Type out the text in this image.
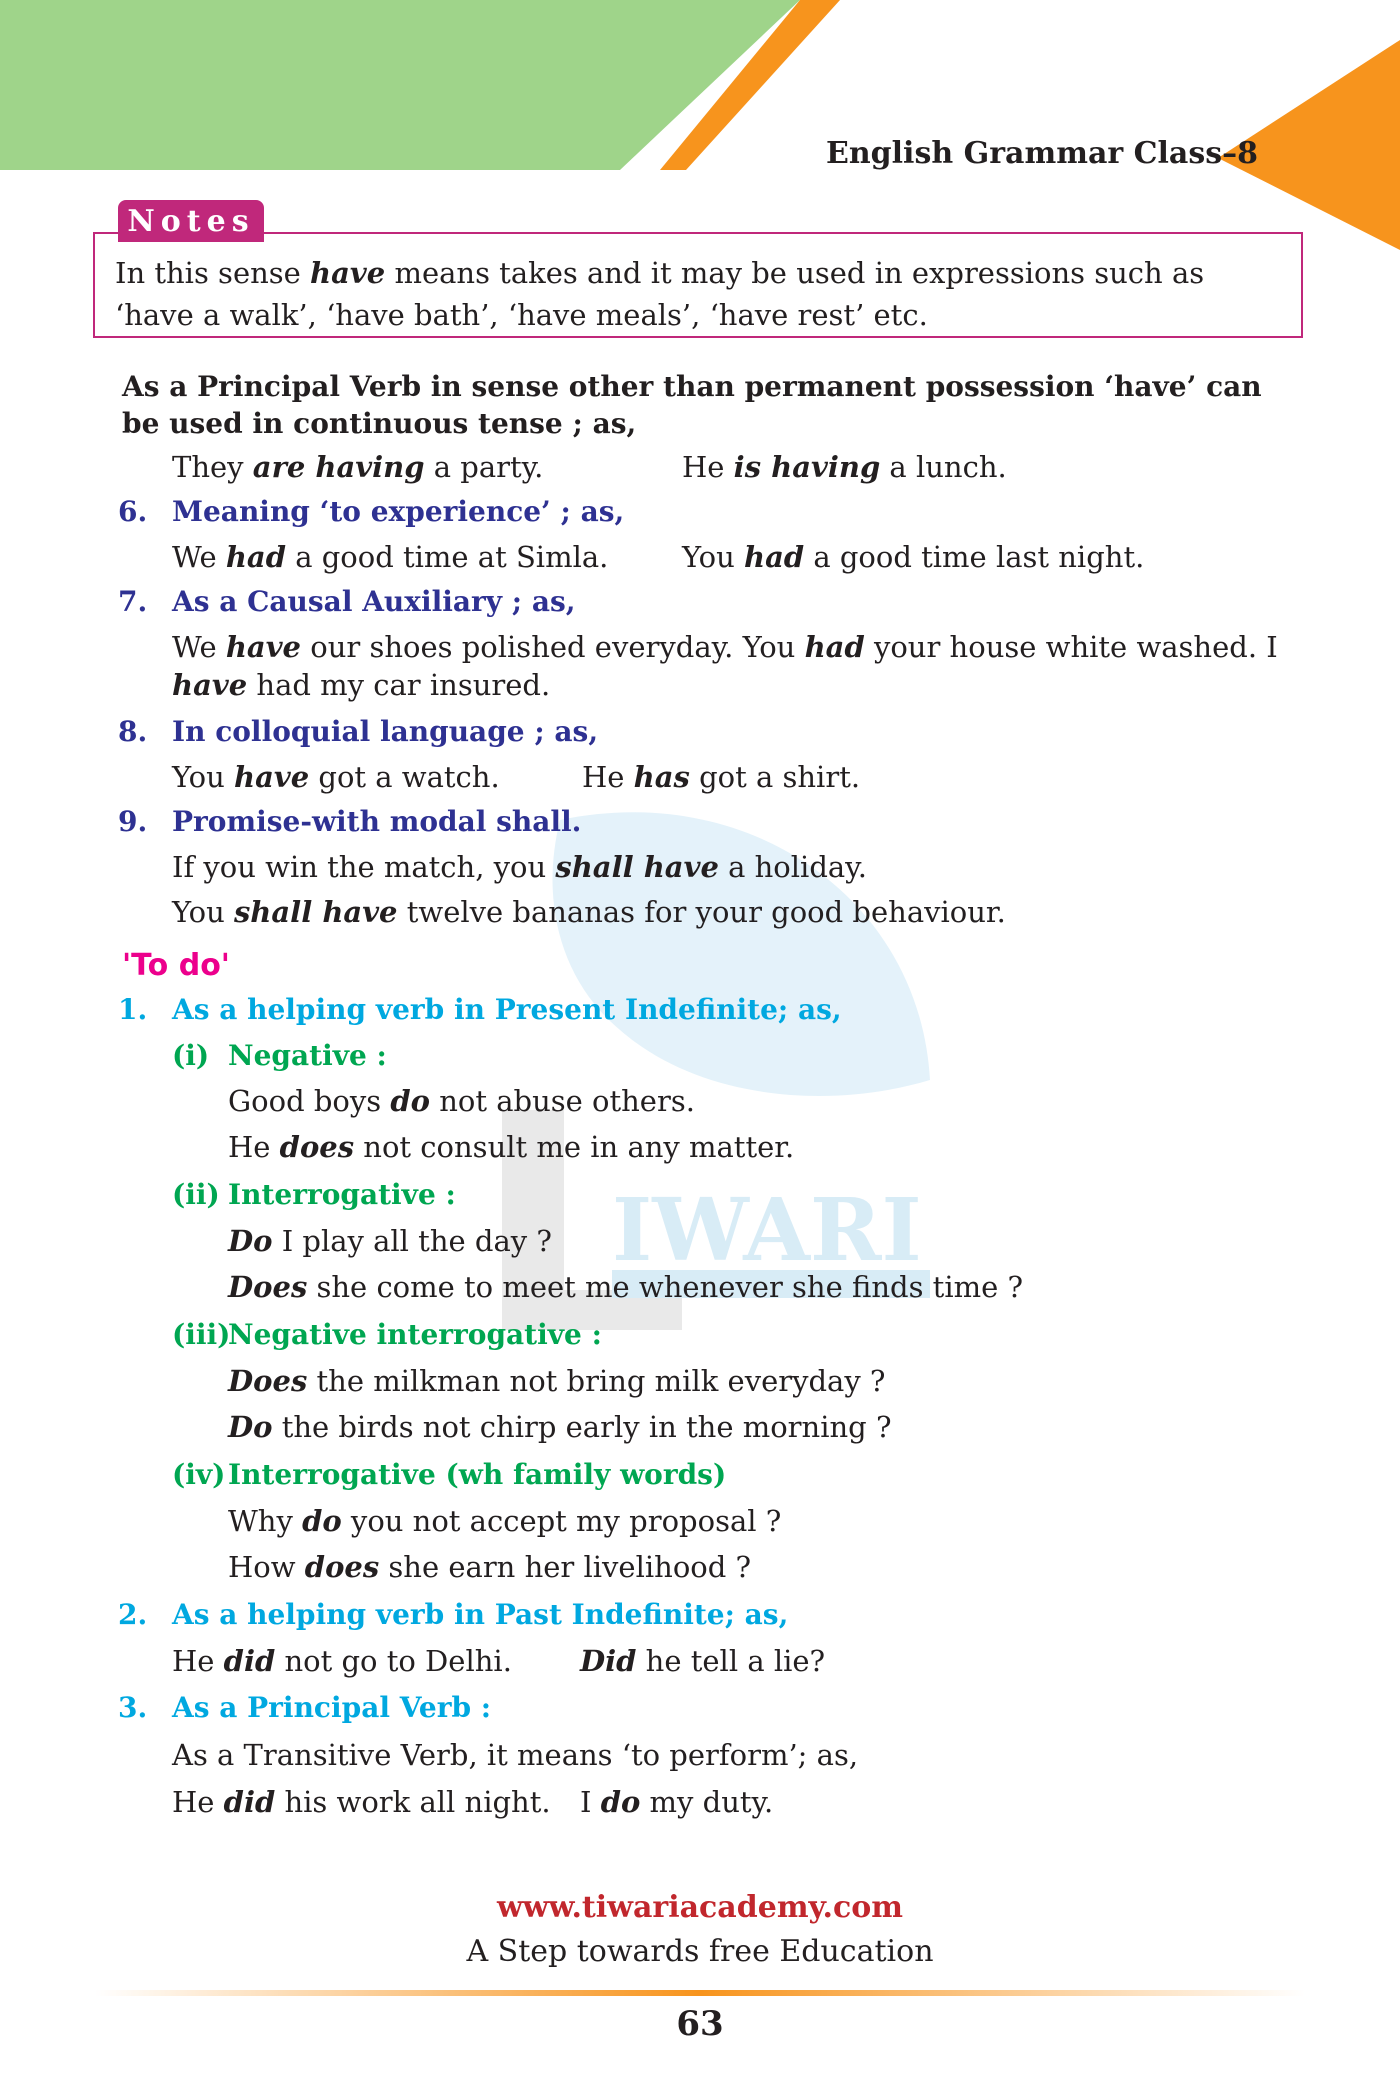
English Grammar Class–8
IWARI
Notes
In this sense have means takes and it may be used in expressions such as ‘have a walk’, ‘have bath’, ‘have meals’, ‘have rest’ etc.
As a Principal Verb in sense other than permanent possession ‘have’ can be used in continuous tense ; as,
They are having a party.	He is having a lunch.
6. Meaning ‘to experience’ ; as,
We had a good time at Simla.	You had a good time last night.
7. As a Causal Auxiliary ; as,
We have our shoes polished everyday. You had your house white washed. I have had my car insured.
8. In colloquial language ; as,
You have got a watch.	He has got a shirt.
9. Promise-with modal shall.
If you win the match, you shall have a holiday.
You shall have twelve bananas for your good behaviour.
'To do'
1. As a helping verb in Present Indefinite; as,
(i) Negative :
Good boys do not abuse others.
He does not consult me in any matter.
(ii) Interrogative :
Do I play all the day ?
Does she come to meet me whenever she finds time ?
(iii)
Negative interrogative :
Does the milkman not bring milk everyday ?
Do the birds not chirp early in the morning ?
(iv) Interrogative (wh family words)
Why do you not accept my proposal ?
How does she earn her livelihood ?
2. As a helping verb in Past Indefinite; as,
He did not go to Delhi. Did he tell a lie?
3. As a Principal Verb :
As a Transitive Verb, it means ‘to perform’; as,
He did his work all night. I do my duty.
www.tiwariacademy.com
A Step towards free Education
63
